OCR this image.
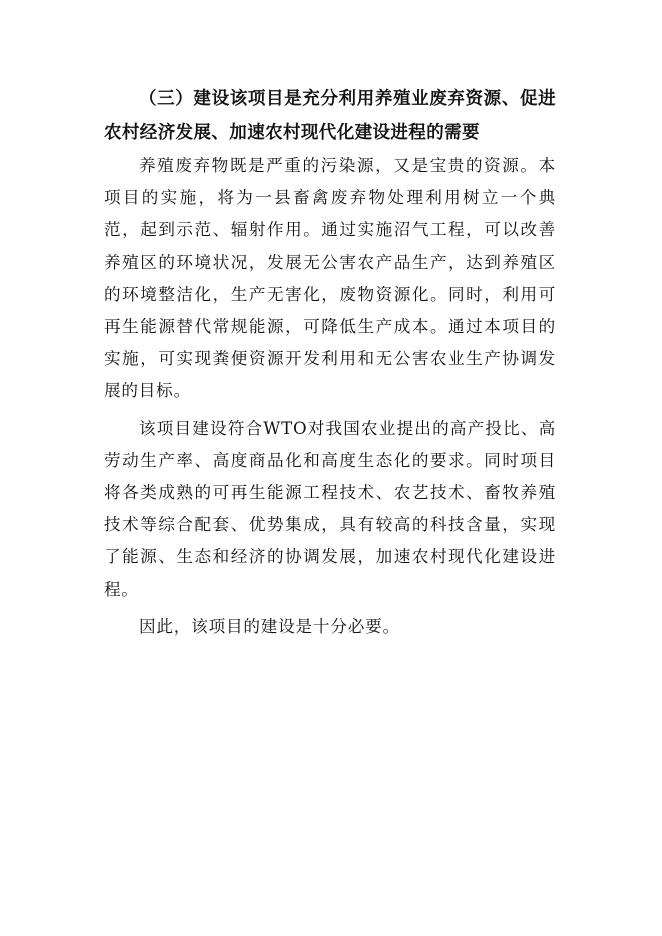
（三）建设该项目是充分利用养殖业废弃资源、促进农村经济发展、加速农村现代化建设进程的需要

养殖废弃物既是严重的污染源，又是宝贵的资源。本项目的实施，将为一县畜禽废弃物处理利用树立一个典范，起到示范、辐射作用。通过实施沼气工程，可以改善养殖区的环境状况，发展无公害农产品生产，达到养殖区的环境整洁化，生产无害化，废物资源化。同时，利用可再生能源替代常规能源，可降低生产成本。通过本项目的实施，可实现粪便资源开发利用和无公害农业生产协调发展的目标。

该项目建设符合WTO对我国农业提出的高产投比、高劳动生产率、高度商品化和高度生态化的要求。同时项目将各类成熟的可再生能源工程技术、农艺技术、畜牧养殖技术等综合配套、优势集成，具有较高的科技含量，实现了能源、生态和经济的协调发展，加速农村现代化建设进程。

因此，该项目的建设是十分必要。
